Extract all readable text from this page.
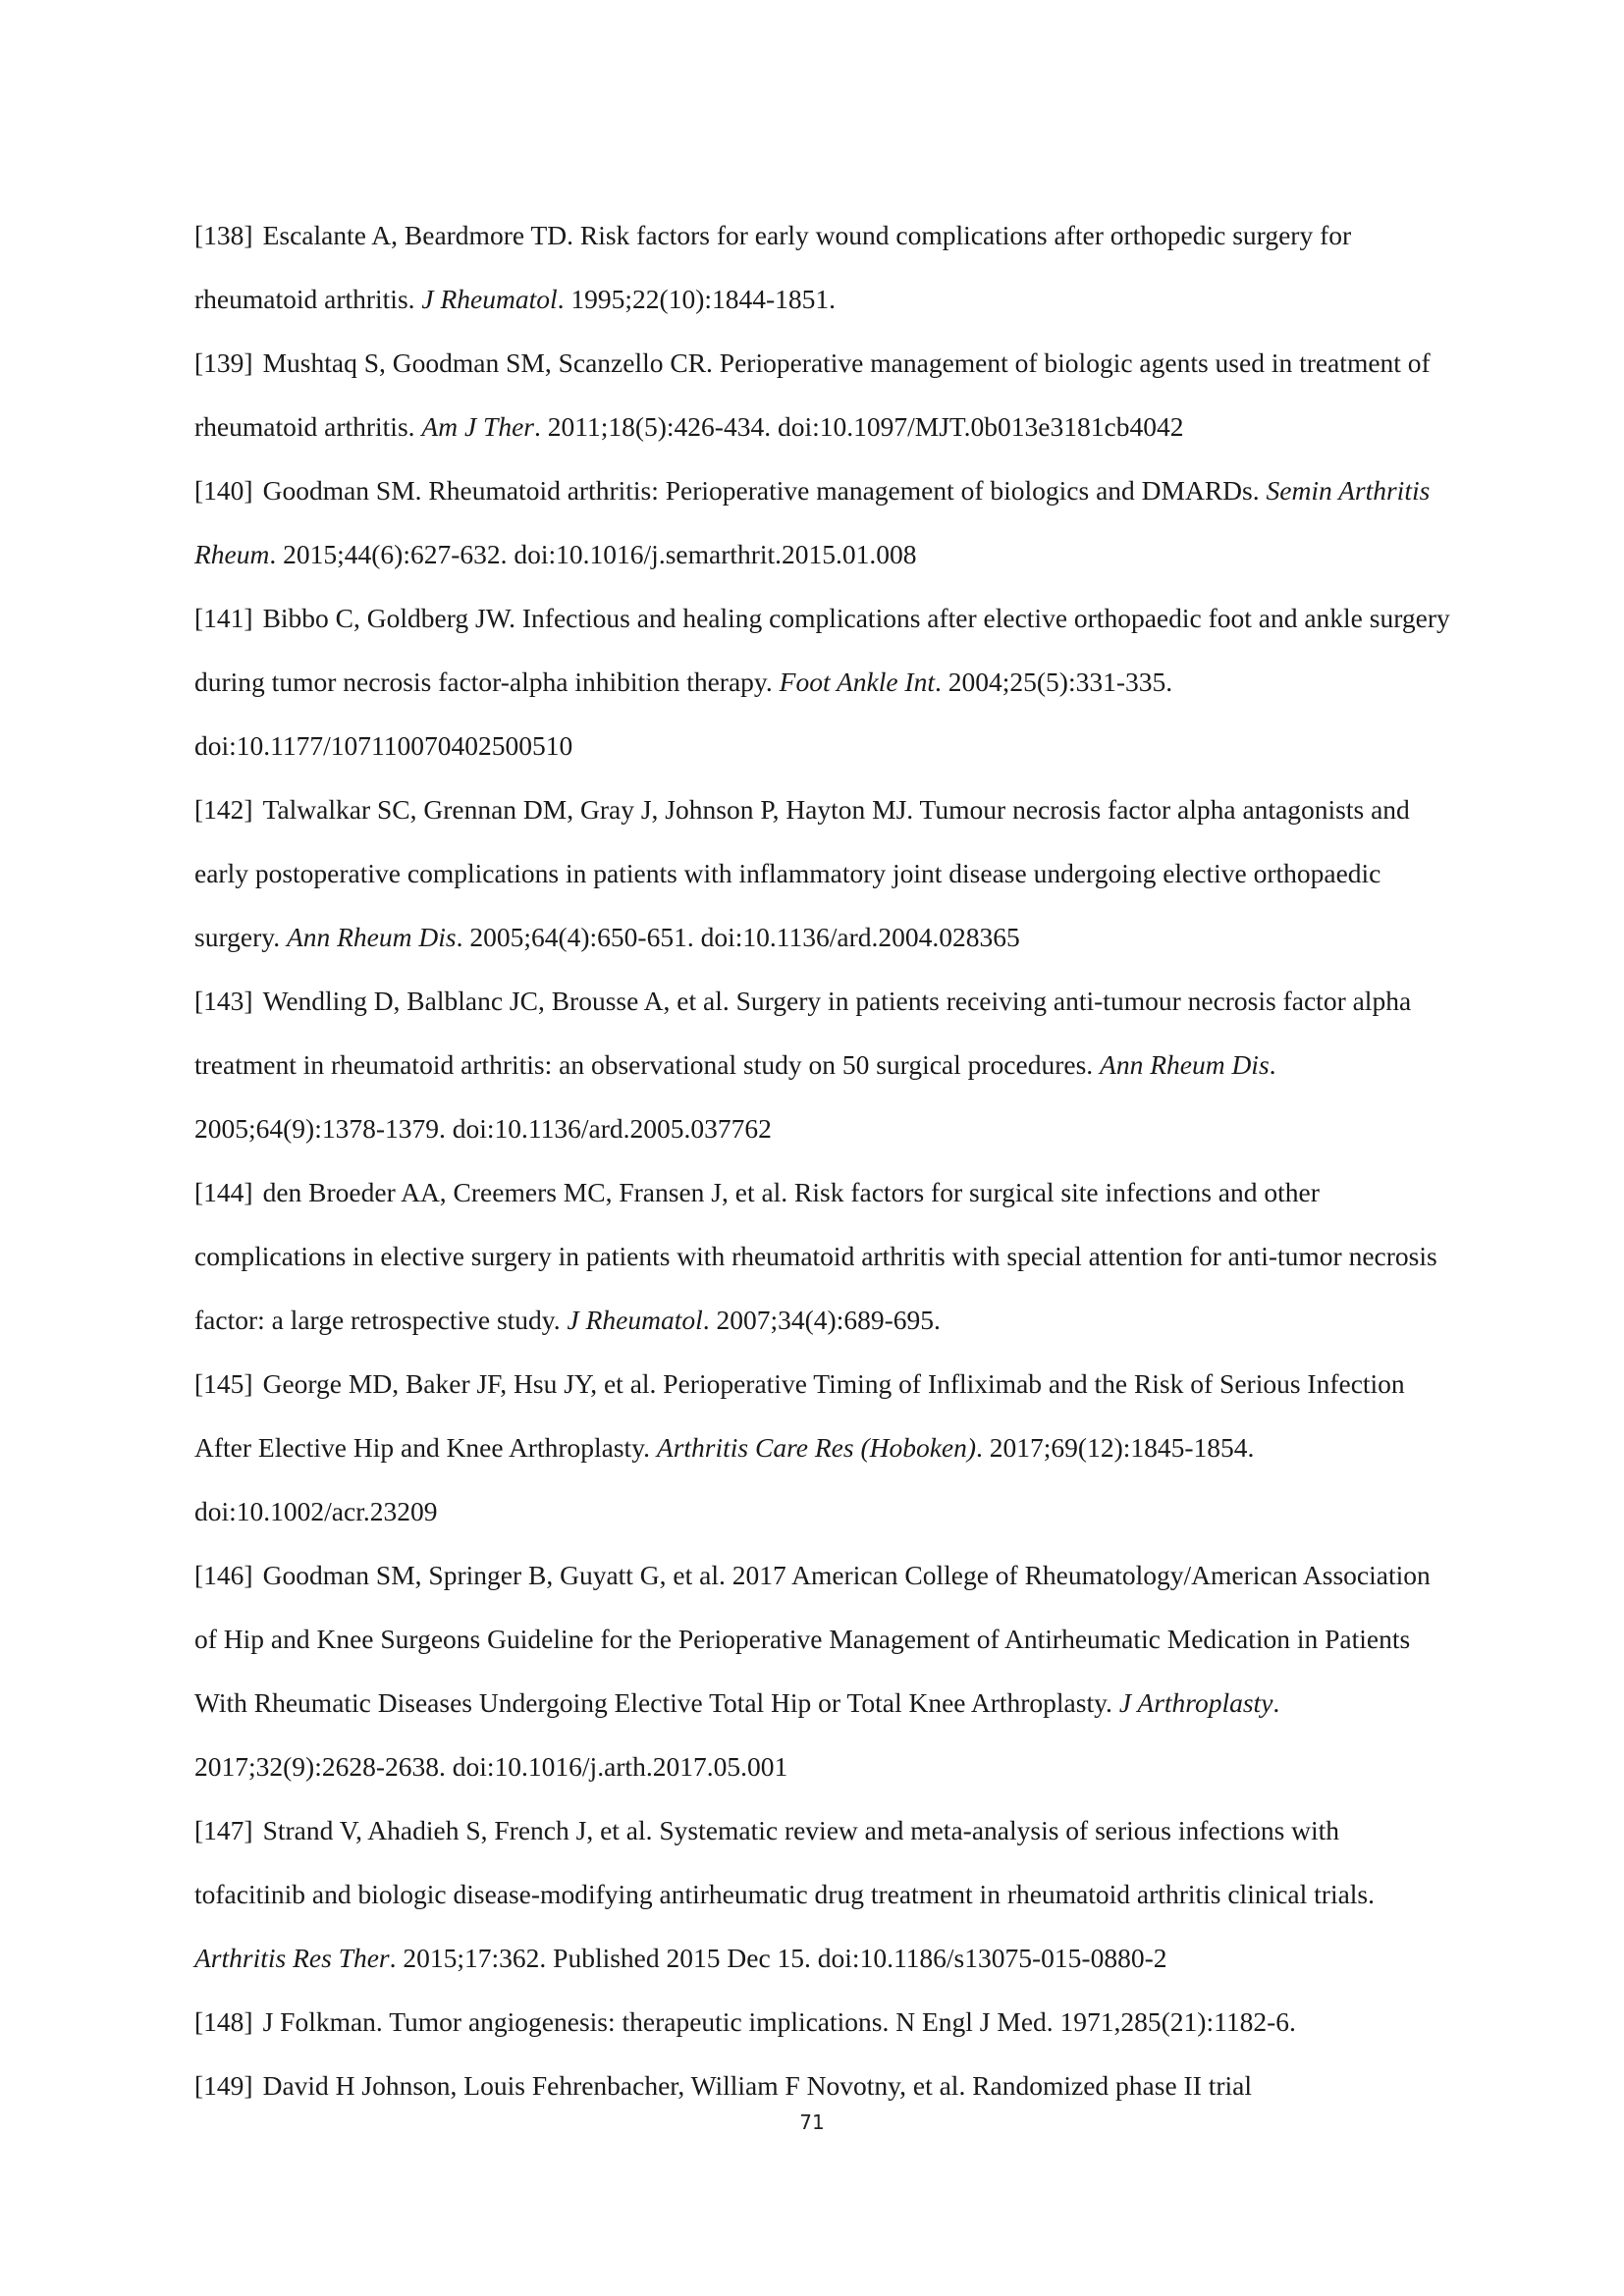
[138] Escalante A, Beardmore TD. Risk factors for early wound complications after orthopedic surgery for rheumatoid arthritis. J Rheumatol. 1995;22(10):1844-1851.

[139] Mushtaq S, Goodman SM, Scanzello CR. Perioperative management of biologic agents used in treatment of rheumatoid arthritis. Am J Ther. 2011;18(5):426-434. doi:10.1097/MJT.0b013e3181cb4042

[140] Goodman SM. Rheumatoid arthritis: Perioperative management of biologics and DMARDs. Semin Arthritis Rheum. 2015;44(6):627-632. doi:10.1016/j.semarthrit.2015.01.008

[141] Bibbo C, Goldberg JW. Infectious and healing complications after elective orthopaedic foot and ankle surgery during tumor necrosis factor-alpha inhibition therapy. Foot Ankle Int. 2004;25(5):331-335. doi:10.1177/107110070402500510

[142] Talwalkar SC, Grennan DM, Gray J, Johnson P, Hayton MJ. Tumour necrosis factor alpha antagonists and early postoperative complications in patients with inflammatory joint disease undergoing elective orthopaedic surgery. Ann Rheum Dis. 2005;64(4):650-651. doi:10.1136/ard.2004.028365

[143] Wendling D, Balblanc JC, Brousse A, et al. Surgery in patients receiving anti-tumour necrosis factor alpha treatment in rheumatoid arthritis: an observational study on 50 surgical procedures. Ann Rheum Dis. 2005;64(9):1378-1379. doi:10.1136/ard.2005.037762

[144] den Broeder AA, Creemers MC, Fransen J, et al. Risk factors for surgical site infections and other complications in elective surgery in patients with rheumatoid arthritis with special attention for anti-tumor necrosis factor: a large retrospective study. J Rheumatol. 2007;34(4):689-695.

[145] George MD, Baker JF, Hsu JY, et al. Perioperative Timing of Infliximab and the Risk of Serious Infection After Elective Hip and Knee Arthroplasty. Arthritis Care Res (Hoboken). 2017;69(12):1845-1854. doi:10.1002/acr.23209

[146] Goodman SM, Springer B, Guyatt G, et al. 2017 American College of Rheumatology/American Association of Hip and Knee Surgeons Guideline for the Perioperative Management of Antirheumatic Medication in Patients With Rheumatic Diseases Undergoing Elective Total Hip or Total Knee Arthroplasty. J Arthroplasty. 2017;32(9):2628-2638. doi:10.1016/j.arth.2017.05.001

[147] Strand V, Ahadieh S, French J, et al. Systematic review and meta-analysis of serious infections with tofacitinib and biologic disease-modifying antirheumatic drug treatment in rheumatoid arthritis clinical trials. Arthritis Res Ther. 2015;17:362. Published 2015 Dec 15. doi:10.1186/s13075-015-0880-2

[148] J Folkman. Tumor angiogenesis: therapeutic implications. N Engl J Med. 1971,285(21):1182-6.

[149] David H Johnson, Louis Fehrenbacher, William F Novotny, et al. Randomized phase II trial

71
